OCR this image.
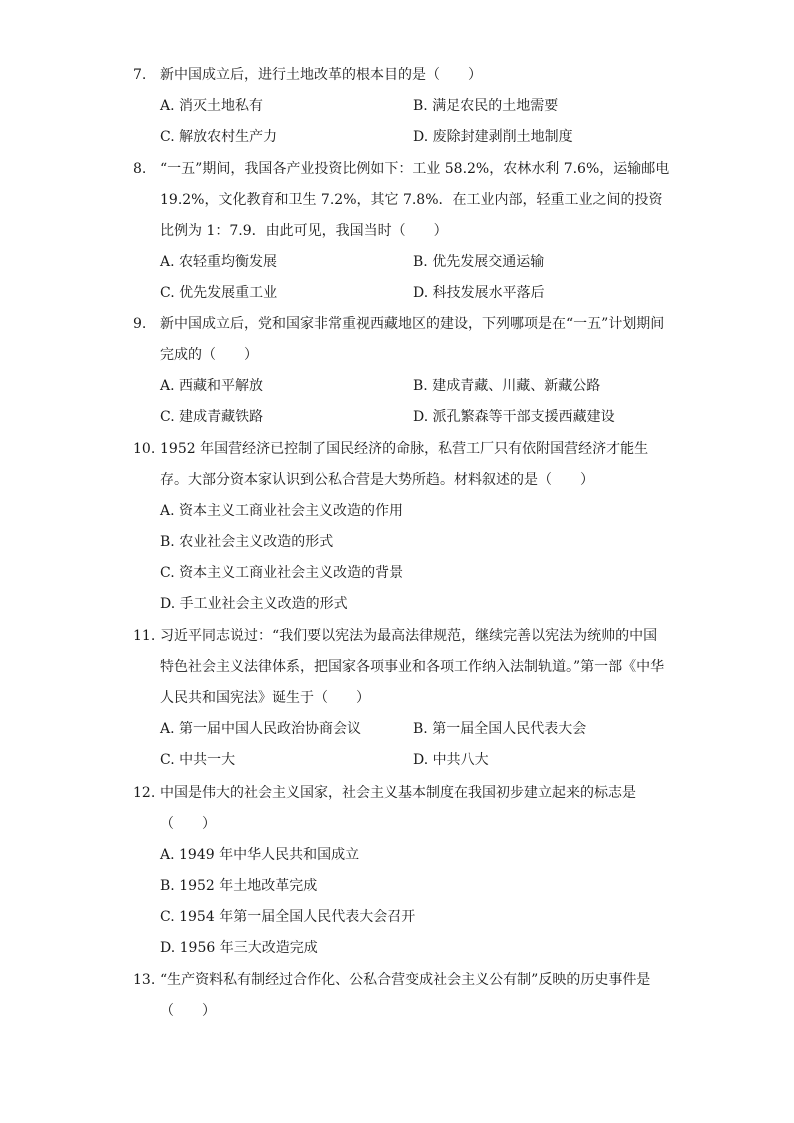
7. 新中国成立后，进行土地改革的根本目的是（　　）
A. 消灭土地私有	B. 满足农民的土地需要
C. 解放农村生产力	D. 废除封建剥削土地制度
8. “一五”期间，我国各产业投资比例如下：工业 58.2%，农林水利 7.6%，运输邮电 19.2%，文化教育和卫生 7.2%，其它 7.8%．在工业内部，轻重工业之间的投资比例为 1：7.9．由此可见，我国当时（　　）
A. 农轻重均衡发展	B. 优先发展交通运输
C. 优先发展重工业	D. 科技发展水平落后
9. 新中国成立后，党和国家非常重视西藏地区的建设，下列哪项是在“一五”计划期间完成的（　　）
A. 西藏和平解放	B. 建成青藏、川藏、新藏公路
C. 建成青藏铁路	D. 派孔繁森等干部支援西藏建设
10. 1952 年国营经济已控制了国民经济的命脉，私营工厂只有依附国营经济才能生存。大部分资本家认识到公私合营是大势所趋。材料叙述的是（　　）
A. 资本主义工商业社会主义改造的作用
B. 农业社会主义改造的形式
C. 资本主义工商业社会主义改造的背景
D. 手工业社会主义改造的形式
11. 习近平同志说过：“我们要以宪法为最高法律规范，继续完善以宪法为统帅的中国特色社会主义法律体系，把国家各项事业和各项工作纳入法制轨道。”第一部《中华人民共和国宪法》诞生于（　　）
A. 第一届中国人民政治协商会议	B. 第一届全国人民代表大会
C. 中共一大	D. 中共八大
12. 中国是伟大的社会主义国家，社会主义基本制度在我国初步建立起来的标志是（　　）
A. 1949 年中华人民共和国成立
B. 1952 年土地改革完成
C. 1954 年第一届全国人民代表大会召开
D. 1956 年三大改造完成
13. “生产资料私有制经过合作化、公私合营变成社会主义公有制”反映的历史事件是（　　）
